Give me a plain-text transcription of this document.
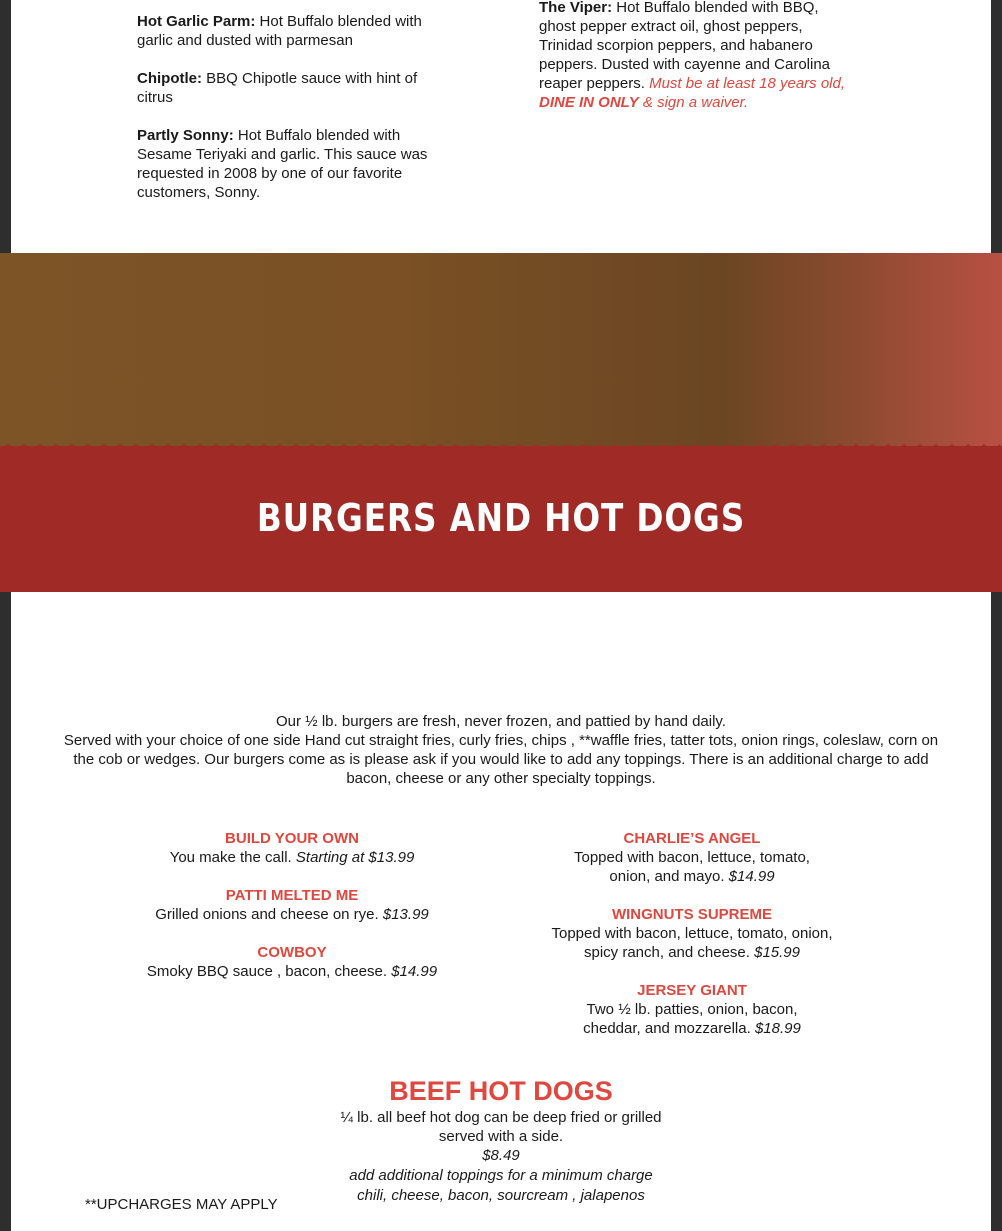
Hot Garlic Parm: Hot Buffalo blended with garlic and dusted with parmesan

Chipotle: BBQ Chipotle sauce with hint of citrus

Partly Sonny: Hot Buffalo blended with Sesame Teriyaki and garlic. This sauce was requested in 2008 by one of our favorite customers, Sonny.

The Viper: Hot Buffalo blended with BBQ, ghost pepper extract oil, ghost peppers, Trinidad scorpion peppers, and habanero peppers. Dusted with cayenne and Carolina reaper peppers. Must be at least 18 years old, DINE IN ONLY & sign a waiver.

BURGERS AND HOT DOGS

Our ½ lb. burgers are fresh, never frozen, and pattied by hand daily.

Served with your choice of one side Hand cut straight fries, curly fries, chips , **waffle fries, tatter tots, onion rings, coleslaw, corn on the cob or wedges. Our burgers come as is please ask if you would like to add any toppings. There is an additional charge to add bacon, cheese or any other specialty toppings.

BUILD YOUR OWN
You make the call. Starting at $13.99
PATTI MELTED ME
Grilled onions and cheese on rye. $13.99
COWBOY
Smoky BBQ sauce , bacon, cheese. $14.99
CHARLIE’S ANGEL
Topped with bacon, lettuce, tomato, onion, and mayo. $14.99
WINGNUTS SUPREME
Topped with bacon, lettuce, tomato, onion, spicy ranch, and cheese. $15.99
JERSEY GIANT
Two ½ lb. patties, onion, bacon, cheddar, and mozzarella. $18.99
BEEF HOT DOGS

¼ lb. all beef hot dog can be deep fried or grilled served with a side.

$8.49

add additional toppings for a minimum charge

chili, cheese, bacon, sourcream , jalapenos

**UPCHARGES MAY APPLY
